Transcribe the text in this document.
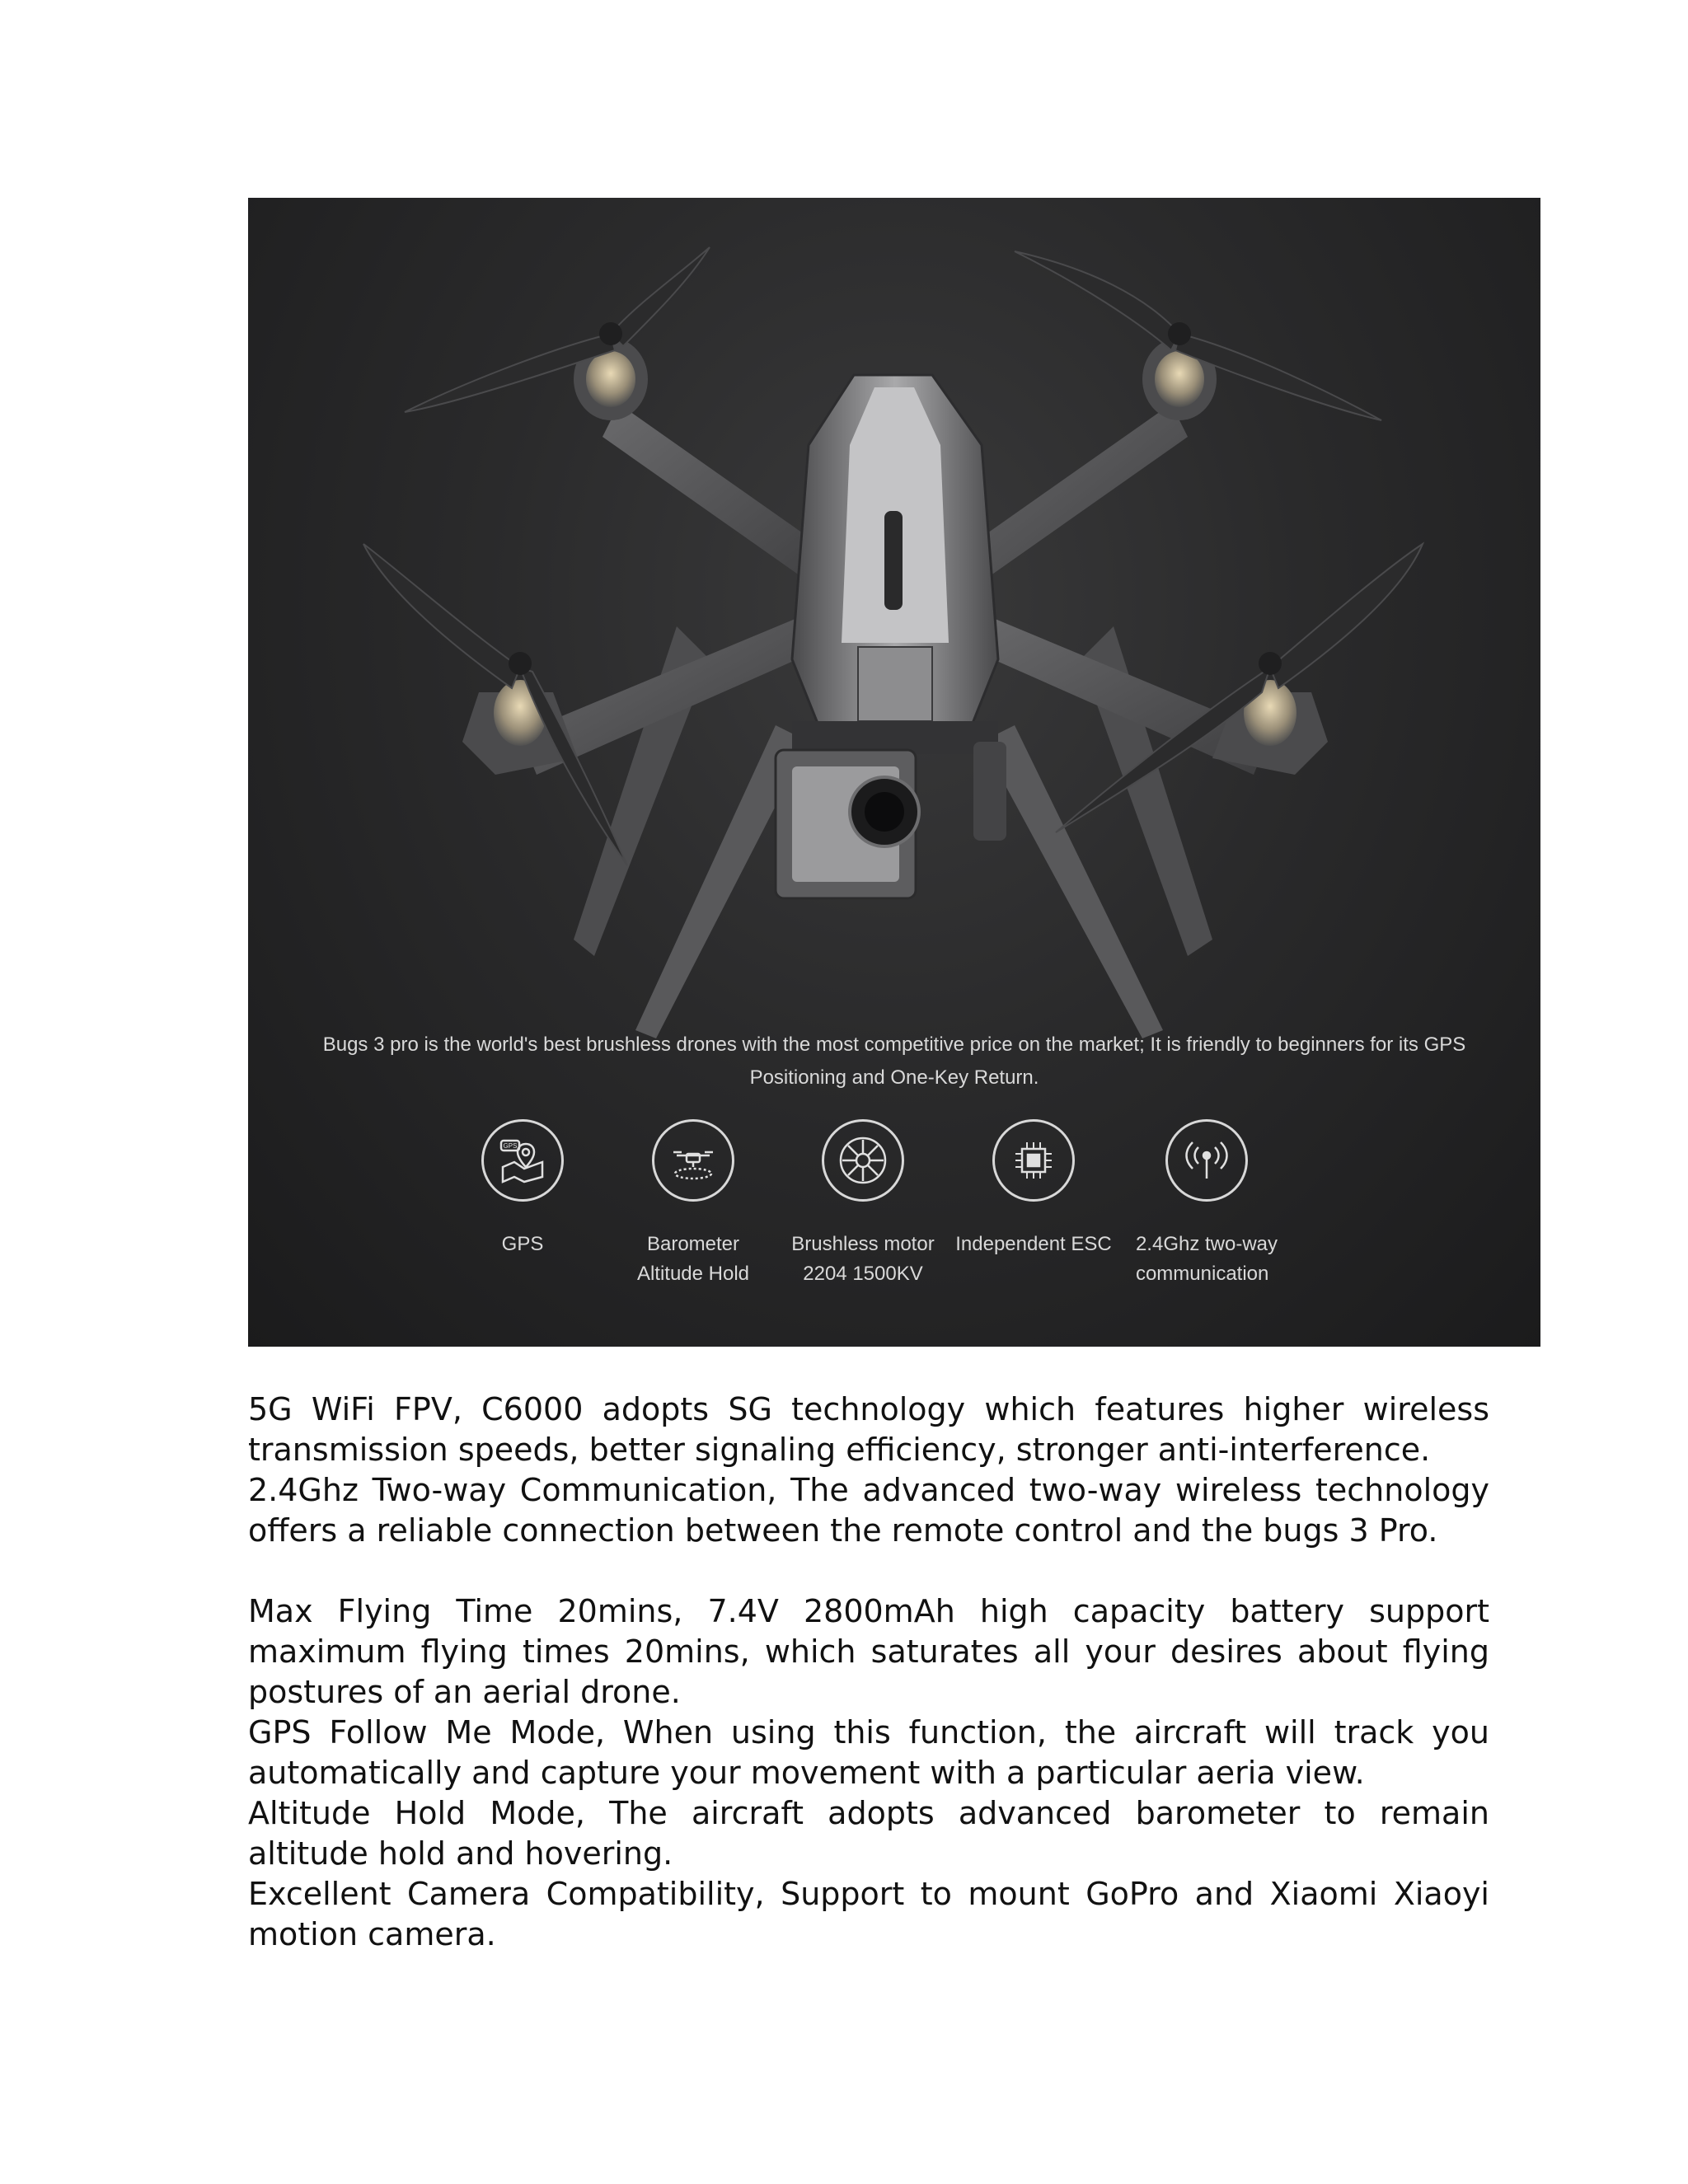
Bugs 3 pro is the world's best brushless drones with the most competitive price on the market; It is friendly to beginners for its GPS Positioning and One-Key Return.
GPS
GPS	Barometer
Altitude Hold
Brushless motor
2204 1500KV
Independent ESC	2.4Ghz two-way
communication

5G WiFi FPV, C6000 adopts SG technology which features higher wireless transmission speeds, better signaling efficiency, stronger anti-interference.

2.4Ghz Two-way Communication, The advanced two-way wireless technology offers a reliable connection between the remote control and the bugs 3 Pro.

Max Flying Time 20mins, 7.4V 2800mAh high capacity battery support maximum flying times 20mins, which saturates all your desires about flying postures of an aerial drone.

GPS Follow Me Mode, When using this function, the aircraft will track you automatically and capture your movement with a particular aeria view.

Altitude Hold Mode, The aircraft adopts advanced barometer to remain altitude hold and hovering.

Excellent Camera Compatibility, Support to mount GoPro and Xiaomi Xiaoyi motion camera.
